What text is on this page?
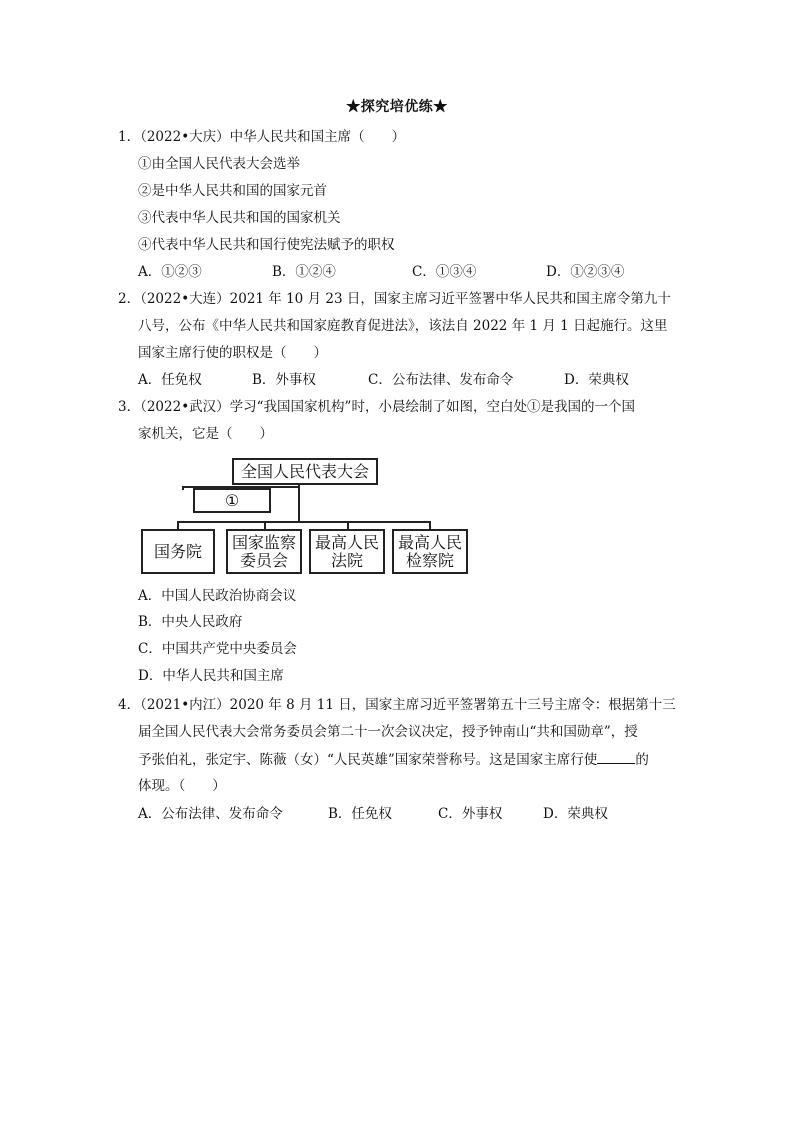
★探究培优练★
1．（2022•大庆）中华人民共和国主席（　　）
①由全国人民代表大会选举
②是中华人民共和国的国家元首
③代表中华人民共和国的国家机关
④代表中华人民共和国行使宪法赋予的职权
A．①②③	B．①②④	C．①③④	D．①②③④
2．（2022•大连）2021 年 10 月 23 日，国家主席习近平签署中华人民共和国主席令第九十
八号，公布《中华人民共和国家庭教育促进法》，该法自 2022 年 1 月 1 日起施行。这里
国家主席行使的职权是（　　）
A．任免权	B．外事权	C．公布法律、发布命令	D．荣典权
3．（2022•武汉）学习“我国国家机构”时，小晨绘制了如图，空白处①是我国的一个国
家机关，它是（　　）
全国人民代表大会
①
国务院 国家监察
委员会
最高人民
法院
最高人民
检察院
A．中国人民政治协商会议
B．中央人民政府
C．中国共产党中央委员会
D．中华人民共和国主席
4．（2021•内江）2020 年 8 月 11 日，国家主席习近平签署第五十三号主席令：根据第十三
届全国人民代表大会常务委员会第二十一次会议决定，授予钟南山“共和国勋章”，授
予张伯礼，张定宇、陈薇（女）“人民英雄”国家荣誉称号。这是国家主席行使	的
体现。（　　）
A．公布法律、发布命令	B．任免权	C．外事权	D．荣典权
